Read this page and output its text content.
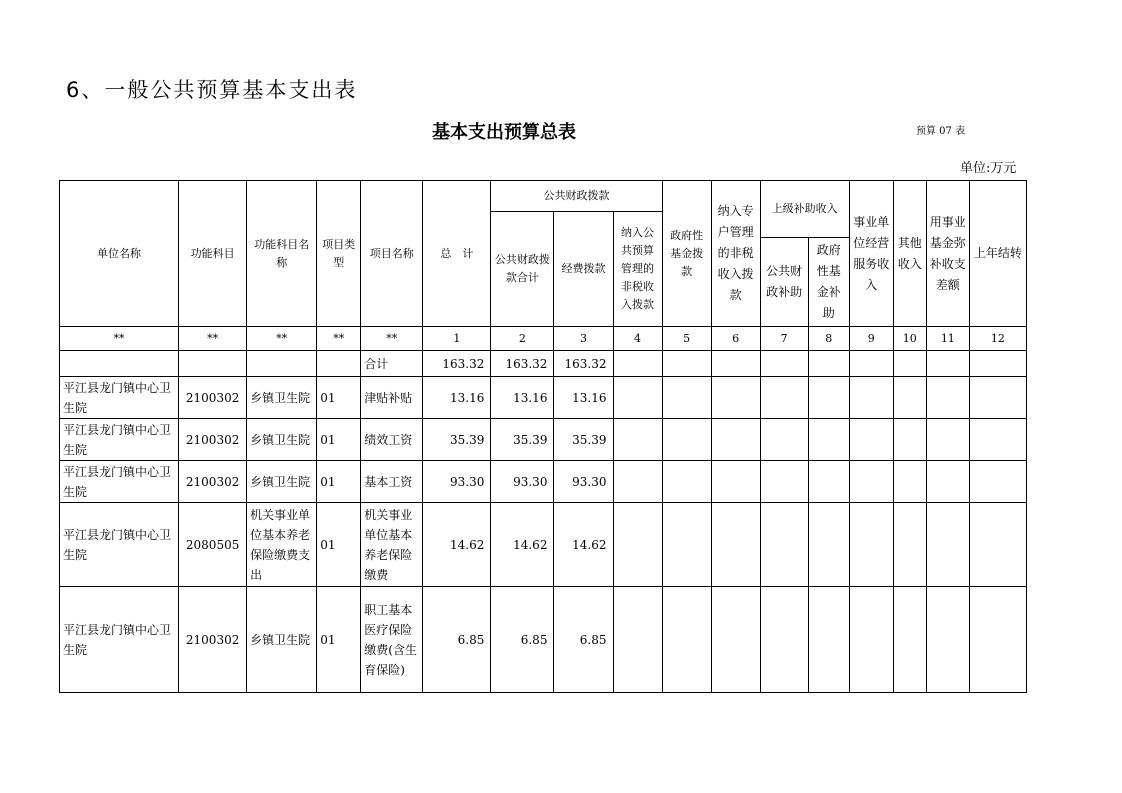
6、一般公共预算基本支出表
基本支出预算总表	预算 07 表
单位:万元
单位名称	功能科目	功能科目名称	项目类型	项目名称	总　计	公共财政拨款			政府性基金拨款	纳入专户管理的非税收入拨款	上级补助收入		事业单位经营服务收入	其他收入	用事业基金弥补收支差额	上年结转
						公共财政拨款合计	经费拨款	纳入公共预算管理的非税收入拨款								
											公共财政补助	政府性基金补助				
**	**	**	**	**	1	2	3	4	5	6	7	8	9	10	11	12
				合计	163.32	163.32	163.32									
平江县龙门镇中心卫生院	2100302	乡镇卫生院	01	津贴补贴	13.16	13.16	13.16									
平江县龙门镇中心卫生院	2100302	乡镇卫生院	01	绩效工资	35.39	35.39	35.39									
平江县龙门镇中心卫生院	2100302	乡镇卫生院	01	基本工资	93.30	93.30	93.30									
平江县龙门镇中心卫生院	2080505	机关事业单位基本养老保险缴费支出	01	机关事业单位基本养老保险缴费	14.62	14.62	14.62									
平江县龙门镇中心卫生院	2100302	乡镇卫生院	01	职工基本医疗保险缴费(含生育保险)	6.85	6.85	6.85									
